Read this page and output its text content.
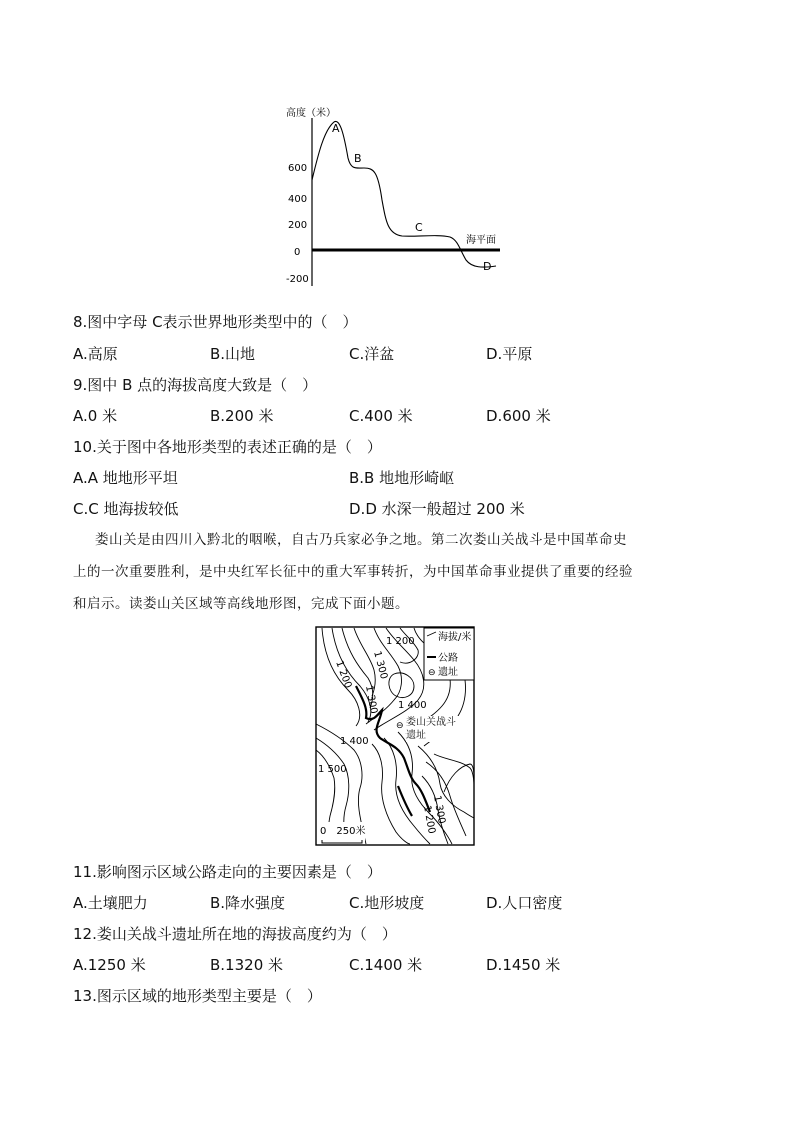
高度（米）
600
400
200
0
-200
A
B
C
D
海平面
8.图中字母 C表示世界地形类型中的（　）
A.高原	B.山地	C.洋盆	D.平原
9.图中 B 点的海拔高度大致是（　）
A.0 米	B.200 米	C.400 米	D.600 米
10.关于图中各地形类型的表述正确的是（　）
A.A 地地形平坦	B.B 地地形崎岖
C.C 地海拔较低	D.D 水深一般超过 200 米
娄山关是由四川入黔北的咽喉，自古乃兵家必争之地。第二次娄山关战斗是中国革命史
上的一次重要胜利，是中央红军长征中的重大军事转折，为中国革命事业提供了重要的经验
和启示。读娄山关区域等高线地形图，完成下面小题。
海拔/米
公路
⊖ 遗址
1 200
1 200 1 300
1 300 1 400
1 400
1 500
1 300
1 200
⊖ 娄山关战斗遗址
0　250米
11.影响图示区域公路走向的主要因素是（　）
A.土壤肥力	B.降水强度	C.地形坡度	D.人口密度
12.娄山关战斗遗址所在地的海拔高度约为（　）
A.1250 米	B.1320 米	C.1400 米	D.1450 米
13.图示区域的地形类型主要是（　）
